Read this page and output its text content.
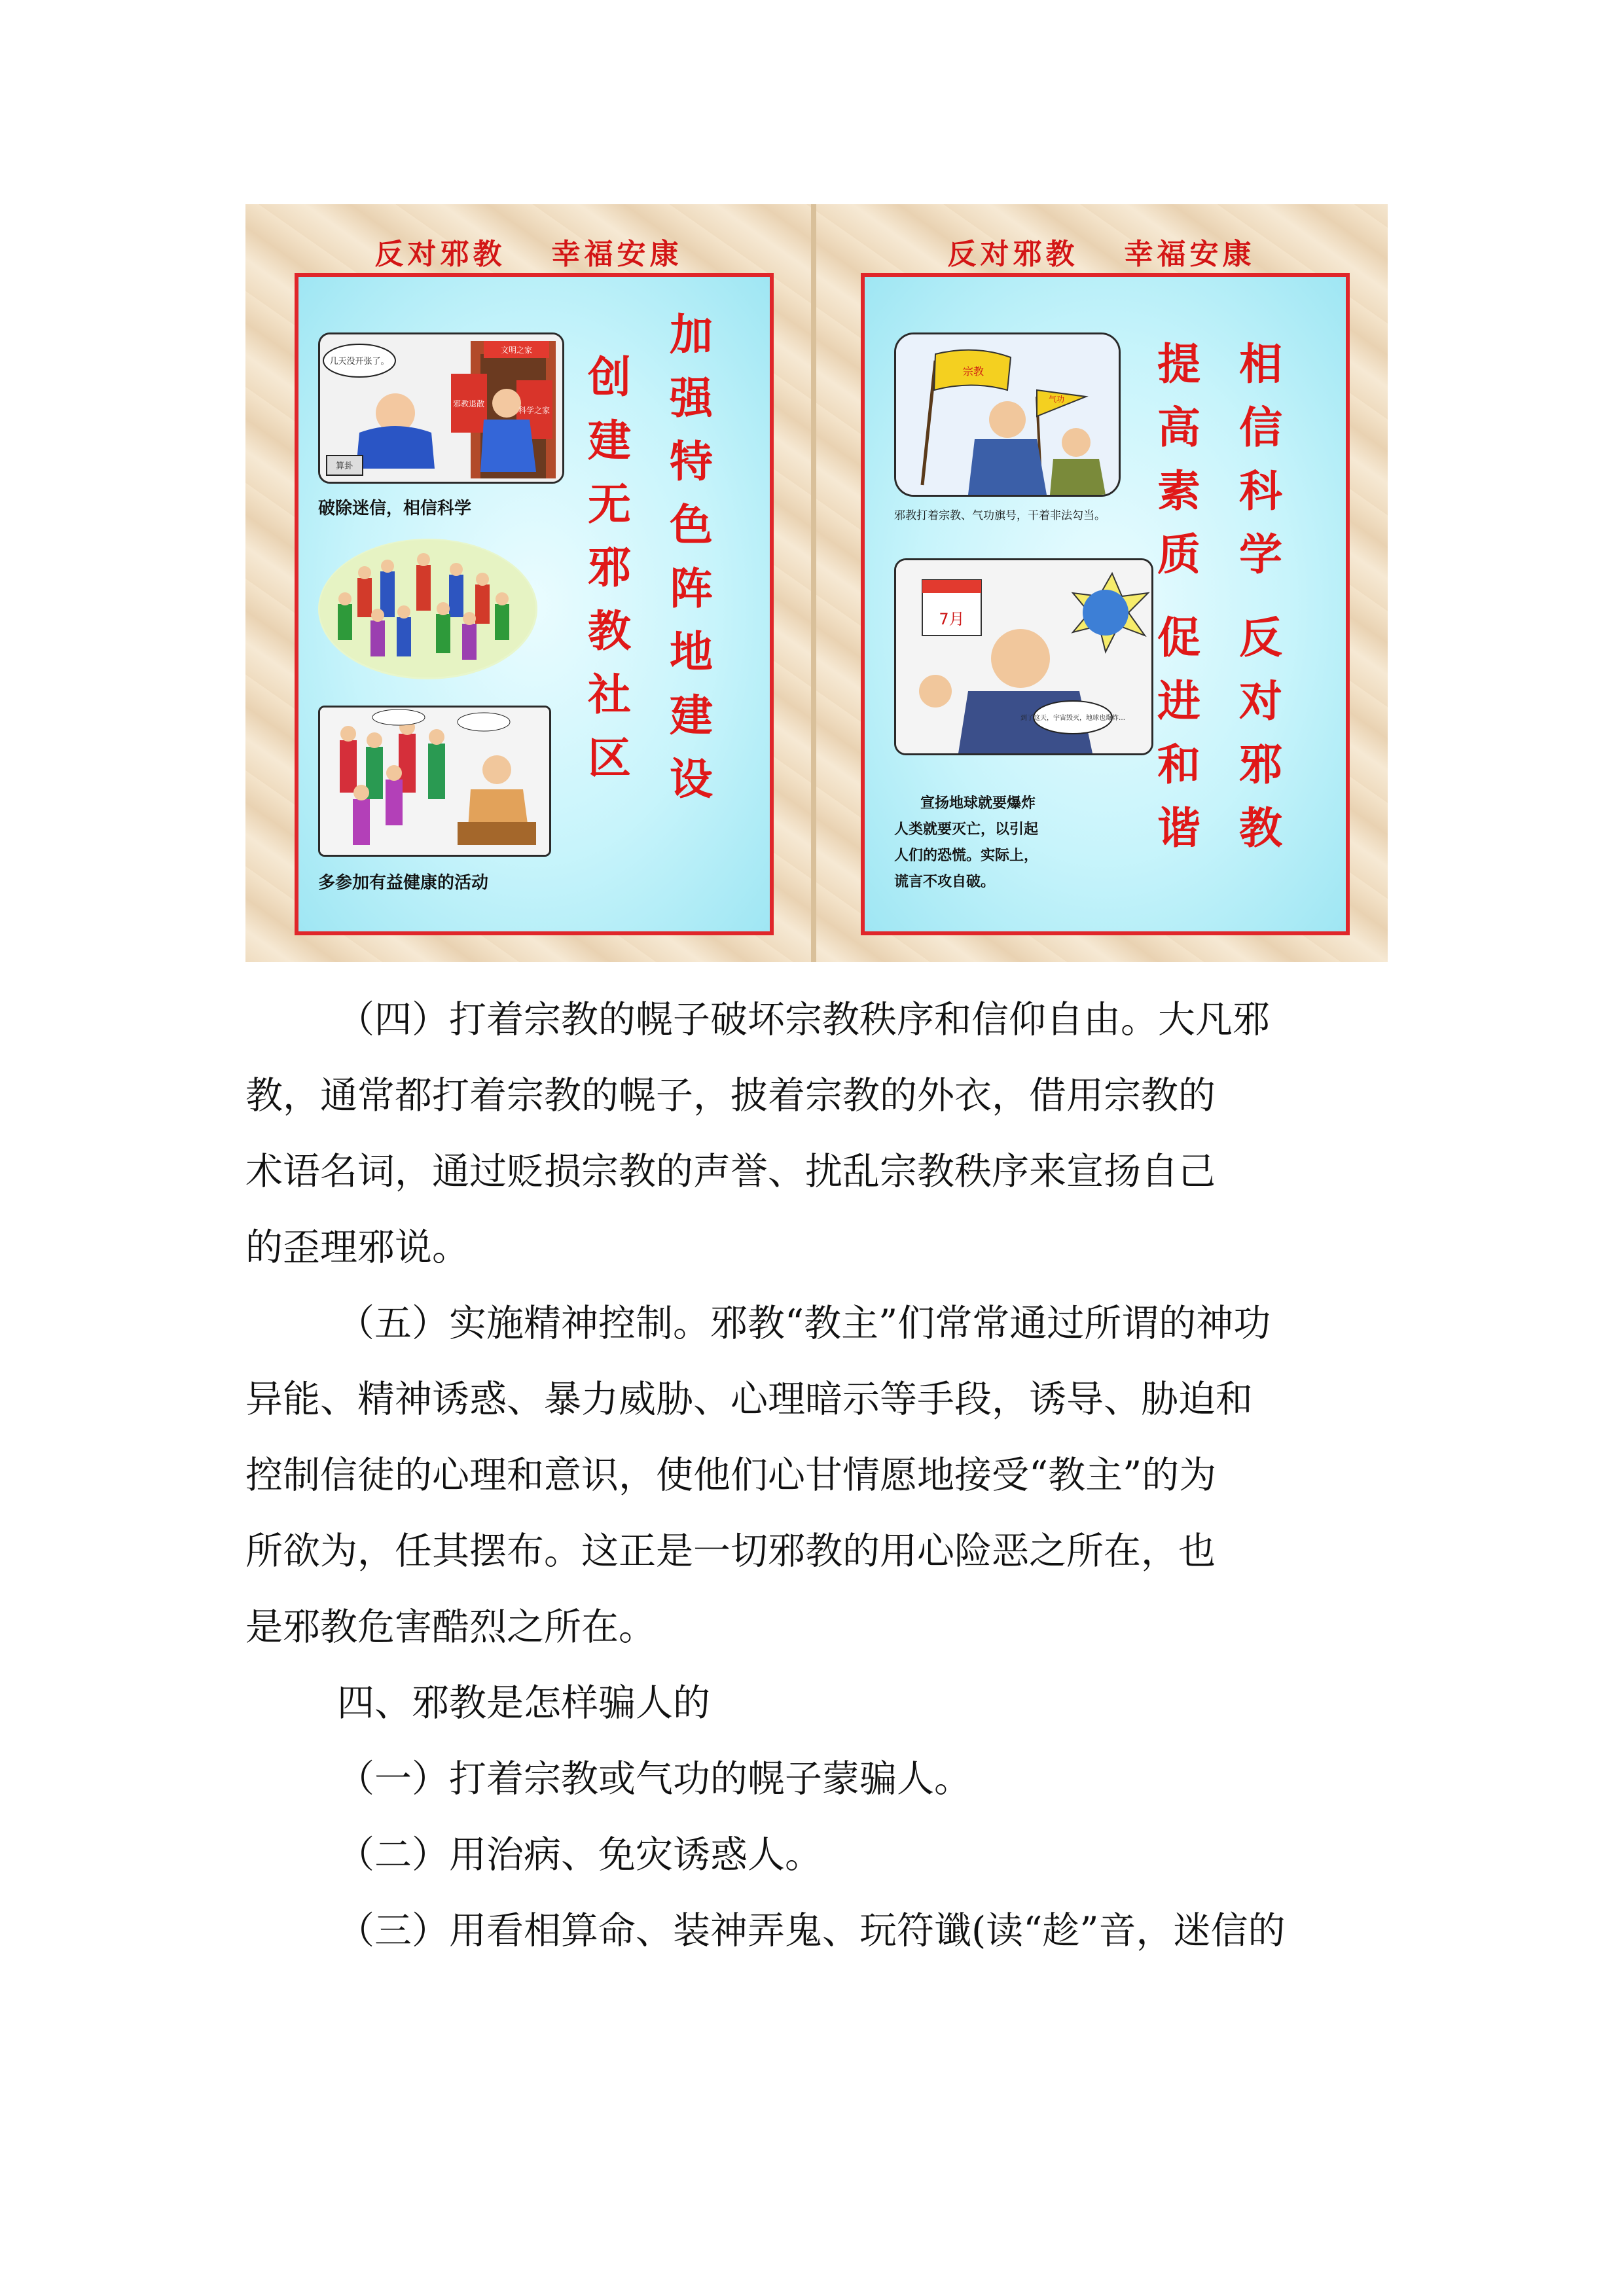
反对邪教 幸福安康
几天没开张了。
文明之家
邪教退散
科学之家
算卦
破除迷信，相信科学
多参加有益健康的活动
创
建
无
邪
教
社
区
加
强
特
色
阵
地
建
设
反对邪教 幸福安康
宗教
气功
邪教打着宗教、气功旗号，干着非法勾当。
7月
到了这天，宇宙毁灭，地球也爆炸…
宣扬地球就要爆炸
人类就要灭亡，以引起
人们的恐慌。实际上，
谎言不攻自破。
提
高
素
质
促
进
和
谐
相
信
科
学
反
对
邪
教
（四）打着宗教的幌子破坏宗教秩序和信仰自由。大凡邪
教，通常都打着宗教的幌子，披着宗教的外衣，借用宗教的
术语名词，通过贬损宗教的声誉、扰乱宗教秩序来宣扬自己
的歪理邪说。
（五）实施精神控制。邪教“教主”们常常通过所谓的神功
异能、精神诱惑、暴力威胁、心理暗示等手段，诱导、胁迫和
控制信徒的心理和意识，使他们心甘情愿地接受“教主”的为
所欲为，任其摆布。这正是一切邪教的用心险恶之所在，也
是邪教危害酷烈之所在。
四、邪教是怎样骗人的
（一）打着宗教或气功的幌子蒙骗人。
（二）用治病、免灾诱惑人。
（三）用看相算命、装神弄鬼、玩符谶(读“趁”音，迷信的
